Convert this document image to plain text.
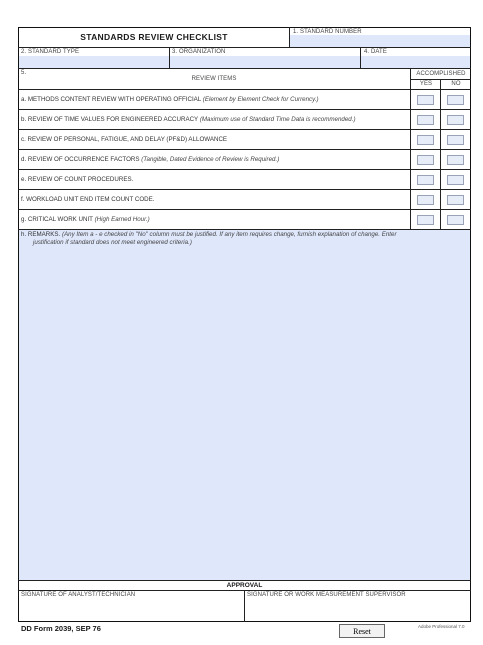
STANDARDS REVIEW CHECKLIST	1. STANDARD NUMBER
2. STANDARD TYPE	3. ORGANIZATION	4. DATE
5.
REVIEW ITEMS
ACCOMPLISHED
YES	NO
a. METHODS CONTENT REVIEW WITH OPERATING OFFICIAL (Element by Element Check for Currency.)
b. REVIEW OF TIME VALUES FOR ENGINEERED ACCURACY (Maximum use of Standard Time Data is recommended.)
c. REVIEW OF PERSONAL, FATIGUE, AND DELAY (PF&D) ALLOWANCE
d. REVIEW OF OCCURRENCE FACTORS (Tangible, Dated Evidence of Review is Required.)
e. REVIEW OF COUNT PROCEDURES.
f. WORKLOAD UNIT END ITEM COUNT CODE.
g. CRITICAL WORK UNIT (High Earned Hour.)
h. REMARKS. (Any Item a - e checked in "No" column must be justified. If any item requires change, furnish explanation of change. Enter
justification if standard does not meet engineered criteria.)
APPROVAL
SIGNATURE OF ANALYST/TECHNICIAN	SIGNATURE OR WORK MEASUREMENT SUPERVISOR
DD Form 2039, SEP 76	Reset	Adobe Professional 7.0
